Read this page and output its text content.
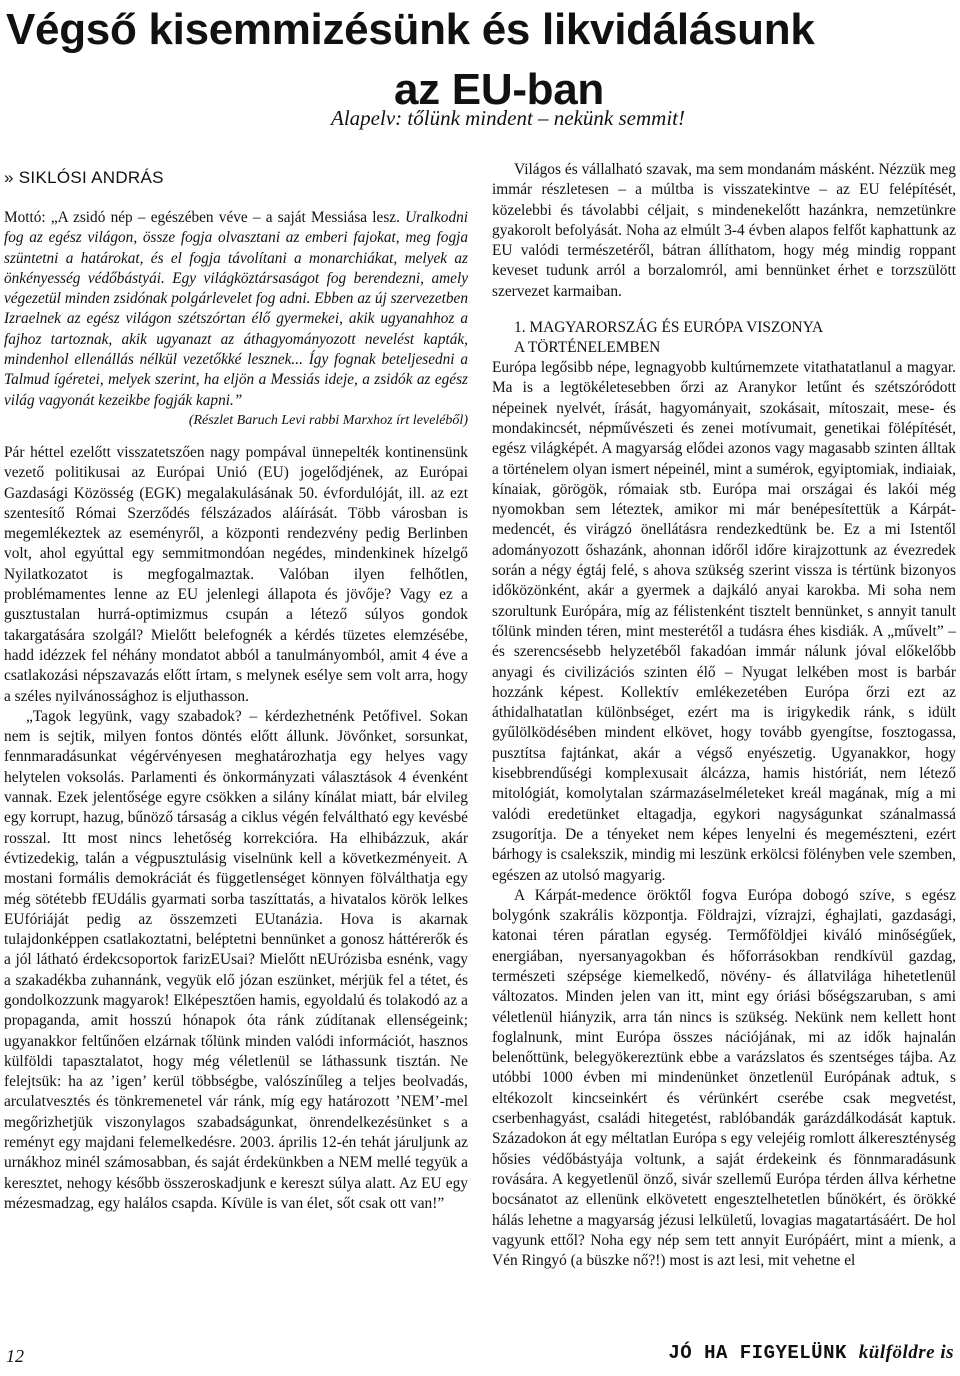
Végső kisemmizésünk és likvidálásunk
az EU-ban
Alapelv: tőlünk mindent – nekünk semmit!
» SIKLÓSI ANDRÁS

Mottó: „A zsidó nép – egészében véve – a saját Messiása lesz. Uralkodni fog az egész világon, össze fogja olvasztani az emberi fajokat, meg fogja szüntetni a határokat, és el fogja távolítani a monarchiákat, melyek az önkényesség védőbástyái. Egy világköztársaságot fog berendezni, amely végezetül minden zsidónak polgárlevelet fog adni. Ebben az új szervezetben Izraelnek az egész világon szétszórtan élő gyermekei, akik ugyanahhoz a fajhoz tartoznak, akik ugyanazt az áthagyományozott nevelést kapták, mindenhol ellenállás nélkül vezetőkké lesznek... Így fognak beteljesedni a Talmud ígéretei, melyek szerint, ha eljön a Messiás ideje, a zsidók az egész világ vagyonát kezeikbe fogják kapni.”

(Részlet Baruch Levi rabbi Marxhoz írt leveléből)

Pár héttel ezelőtt visszatetszően nagy pompával ünnepelték kontinensünk vezető politikusai az Európai Unió (EU) jogelődjének, az Európai Gazdasági Közösség (EGK) megalakulásának 50. évfordulóját, ill. az ezt szentesítő Római Szerződés félszázados aláírását. Több városban is megemlékeztek az eseményről, a központi rendezvény pedig Berlinben volt, ahol egyúttal egy semmitmondóan negédes, mindenkinek hízelgő Nyilatkozatot is megfogalmaztak. Valóban ilyen felhőtlen, problémamentes lenne az EU jelenlegi állapota és jövője? Vagy ez a gusztustalan hurrá-optimizmus csupán a létező súlyos gondok takargatására szolgál? Mielőtt belefognék a kérdés tüzetes elemzésébe, hadd idézzek fel néhány mondatot abból a tanulmányomból, amit 4 éve a csatlakozási népszavazás előtt írtam, s melynek esélye sem volt arra, hogy a széles nyilvánossághoz is eljuthasson.

„Tagok legyünk, vagy szabadok? – kérdezhetnénk Petőfivel. Sokan nem is sejtik, milyen fontos döntés előtt állunk. Jövőnket, sorsunkat, fennmaradásunkat végérvényesen meghatározhatja egy helyes vagy helytelen voksolás. Parlamenti és önkormányzati választások 4 évenként vannak. Ezek jelentősége egyre csökken a silány kínálat miatt, bár elvileg egy korrupt, hazug, bűnöző társaság a ciklus végén felváltható egy kevésbé rosszal. Itt most nincs lehetőség korrekcióra. Ha elhibázzuk, akár évtizedekig, talán a végpusztulásig viselnünk kell a következményeit. A mostani formális demokráciát és függetlenséget könnyen fölválthatja egy még sötétebb fEUdális gyarmati sorba taszíttatás, a hivatalos körök lelkes EUfóriáját pedig az összemzeti EUtanázia. Hova is akarnak tulajdonképpen csatlakoztatni, beléptetni bennünket a gonosz háttérerők és a jól látható érdekcsoportok farizEUsai? Mielőtt nEUrózisba esnénk, vagy a szakadékba zuhannánk, vegyük elő józan eszünket, mérjük fel a tétet, és gondolkozzunk magyarok! Elképesztően hamis, egyoldalú és tolakodó az a propaganda, amit hosszú hónapok óta ránk zúdítanak ellenségeink; ugyanakkor feltűnően elzárnak tőlünk minden valódi információt, hasznos külföldi tapasztalatot, hogy még véletlenül se láthassunk tisztán. Ne felejtsük: ha az ’igen’ kerül többségbe, valószínűleg a teljes beolvadás, arculatvesztés és tönkremenetel vár ránk, míg egy határozott ’NEM’-mel megőrizhetjük viszonylagos szabadságunkat, önrendelkezésünket s a reményt egy majdani felemelkedésre. 2003. április 12-én tehát járuljunk az urnákhoz minél számosabban, és saját érdekünkben a NEM mellé tegyük a keresztet, nehogy később összeroskadjunk e kereszt súlya alatt. Az EU egy mézesmadzag, egy halálos csapda. Kívüle is van élet, sőt csak ott van!”

Világos és vállalható szavak, ma sem mondanám másként. Nézzük meg immár részletesen – a múltba is visszatekintve – az EU felépítését, közelebbi és távolabbi céljait, s mindenekelőtt hazánkra, nemzetünkre gyakorolt befolyását. Noha az elmúlt 3-4 évben alapos felfőt kaphattunk az EU valódi természetéről, bátran állíthatom, hogy még mindig roppant keveset tudunk arról a borzalomról, ami bennünket érhet e torzszülött szervezet karmaiban.

1. MAGYARORSZÁG ÉS EURÓPA VISZONYA
A TÖRTÉNELEMBEN

Európa legősibb népe, legnagyobb kultúrnemzete vitathatatlanul a magyar. Ma is a legtökéletesebben őrzi az Aranykor letűnt és szétszóródott népeinek nyelvét, írását, hagyományait, szokásait, mítoszait, mese- és mondakincsét, népművészeti és zenei motívumait, genetikai fölépítését, egész világképét. A magyarság elődei azonos vagy magasabb szinten álltak a történelem olyan ismert népeinél, mint a sumérok, egyiptomiak, indiaiak, kínaiak, görögök, rómaiak stb. Európa mai országai és lakói még nyomokban sem léteztek, amikor mi már benépesítettük a Kárpát-medencét, és virágzó önellátásra rendezkedtünk be. Ez a mi Istentől adományozott őshazánk, ahonnan időről időre kirajzottunk az évezredek során a négy égtáj felé, s ahova szükség szerint vissza is tértünk bizonyos időközönként, akár a gyermek a dajkáló anyai karokba. Mi soha nem szorultunk Európára, míg az félistenként tisztelt bennünket, s annyit tanult tőlünk minden téren, mint mesterétől a tudásra éhes kisdiák. A „művelt” – és szerencsésebb helyzetéből fakadóan immár nálunk jóval előkelőbb anyagi és civilizációs szinten élő – Nyugat lelkében most is barbár hozzánk képest. Kollektív emlékezetében Európa őrzi ezt az áthidalhatatlan különbséget, ezért ma is irigykedik ránk, s idült gyűlölködésében mindent elkövet, hogy tovább gyengítse, fosztogassa, pusztítsa fajtánkat, akár a végső enyészetig. Ugyanakkor, hogy kisebbrendűségi komplexusait álcázza, hamis históriát, nem létező mitológiát, komolytalan származáselméleteket kreál magának, míg a mi valódi eredetünket eltagadja, egykori nagyságunkat szánalmassá zsugorítja. De a tényeket nem képes lenyelni és megemészteni, ezért bárhogy is csalekszik, mindig mi leszünk erkölcsi fölényben vele szemben, egészen az utolsó magyarig.

A Kárpát-medence öröktől fogva Európa dobogó szíve, s egész bolygónk szakrális központja. Földrajzi, vízrajzi, éghajlati, gazdasági, katonai téren páratlan egység. Termőföldjei kiváló minőségűek, energiában, nyersanyagokban és hőforrásokban rendkívül gazdag, természeti szépsége kiemelkedő, növény- és állatvilága hihetetlenül változatos. Minden jelen van itt, mint egy óriási bőségszaruban, s ami véletlenül hiányzik, arra tán nincs is szükség. Nekünk nem kellett hont foglalnunk, mint Európa összes nációjának, mi az idők hajnalán belenőttünk, belegyökereztünk ebbe a varázslatos és szentséges tájba. Az utóbbi 1000 évben mi mindenünket önzetlenül Európának adtuk, s eltékozolt kincseinkért és vérünkért cserébe csak megvetést, cserbenhagyást, családi hitegetést, rablóbandák garázdálkodását kaptuk. Századokon át egy méltatlan Európa s egy velejéig romlott álkereszténység hősies védőbástyája voltunk, a saját érdekeink és fönnmaradásunk rovására. A kegyetlenül önző, sivár szellemű Európa térden állva kérhetne bocsánatot az ellenünk elkövetett engesztelhetetlen bűnökért, és örökké hálás lehetne a magyarság jézusi lelkületű, lovagias magatartásáért. De hol vagyunk ettől? Noha egy nép sem tett annyit Európáért, mint a mienk, a Vén Ringyó (a büszke nő?!) most is azt lesi, mit vehetne el

12	JÓ HA FIGYELÜNK külföldre is
